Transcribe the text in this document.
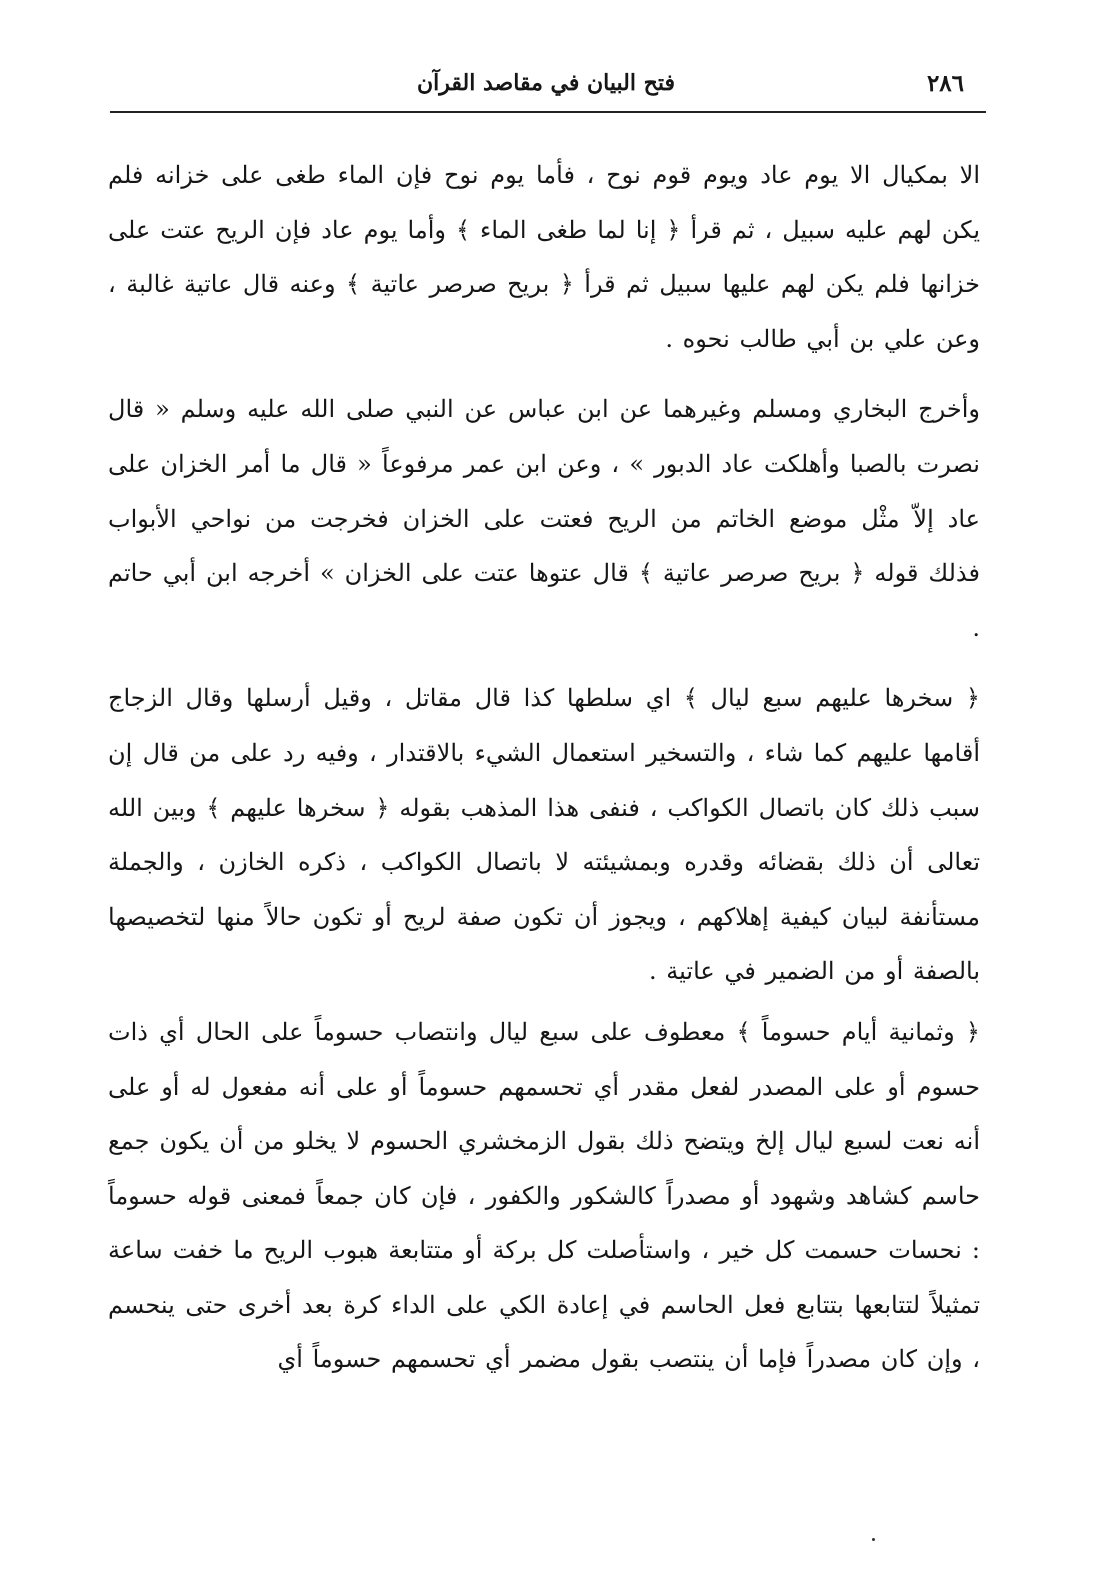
٢٨٦
فتح البيان في مقاصد القرآن

الا بمكيال الا يوم عاد ويوم قوم نوح ، فأما يوم نوح فإن الماء طغى على خزانه فلم يكن لهم عليه سبيل ، ثم قرأ ﴿ إنا لما طغى الماء ﴾ وأما يوم عاد فإن الريح عتت على خزانها فلم يكن لهم عليها سبيل ثم قرأ ﴿ بريح صرصر عاتية ﴾ وعنه قال عاتية غالبة ، وعن علي بن أبي طالب نحوه .

وأخرج البخاري ومسلم وغيرهما عن ابن عباس عن النبي صلى الله عليه وسلم « قال نصرت بالصبا وأهلكت عاد الدبور » ، وعن ابن عمر مرفوعاً « قال ما أمر الخزان على عاد إلاّ مثْل موضع الخاتم من الريح فعتت على الخزان فخرجت من نواحي الأبواب فذلك قوله ﴿ بريح صرصر عاتية ﴾ قال عتوها عتت على الخزان » أخرجه ابن أبي حاتم .

﴿ سخرها عليهم سبع ليال ﴾ اي سلطها كذا قال مقاتل ، وقيل أرسلها وقال الزجاج أقامها عليهم كما شاء ، والتسخير استعمال الشيء بالاقتدار ، وفيه رد على من قال إن سبب ذلك كان باتصال الكواكب ، فنفى هذا المذهب بقوله ﴿ سخرها عليهم ﴾ وبين الله تعالى أن ذلك بقضائه وقدره وبمشيئته لا باتصال الكواكب ، ذكره الخازن ، والجملة مستأنفة لبيان كيفية إهلاكهم ، ويجوز أن تكون صفة لريح أو تكون حالاً منها لتخصيصها بالصفة أو من الضمير في عاتية .

﴿ وثمانية أيام حسوماً ﴾ معطوف على سبع ليال وانتصاب حسوماً على الحال أي ذات حسوم أو على المصدر لفعل مقدر أي تحسمهم حسوماً أو على أنه مفعول له أو على أنه نعت لسبع ليال إلخ ويتضح ذلك بقول الزمخشري الحسوم لا يخلو من أن يكون جمع حاسم كشاهد وشهود أو مصدراً كالشكور والكفور ، فإن كان جمعاً فمعنى قوله حسوماً : نحسات حسمت كل خير ، واستأصلت كل بركة أو متتابعة هبوب الريح ما خفت ساعة تمثيلاً لتتابعها بتتابع فعل الحاسم في إعادة الكي على الداء كرة بعد أخرى حتى ينحسم ، وإن كان مصدراً فإما أن ينتصب بقول مضمر أي تحسمهم حسوماً أي
